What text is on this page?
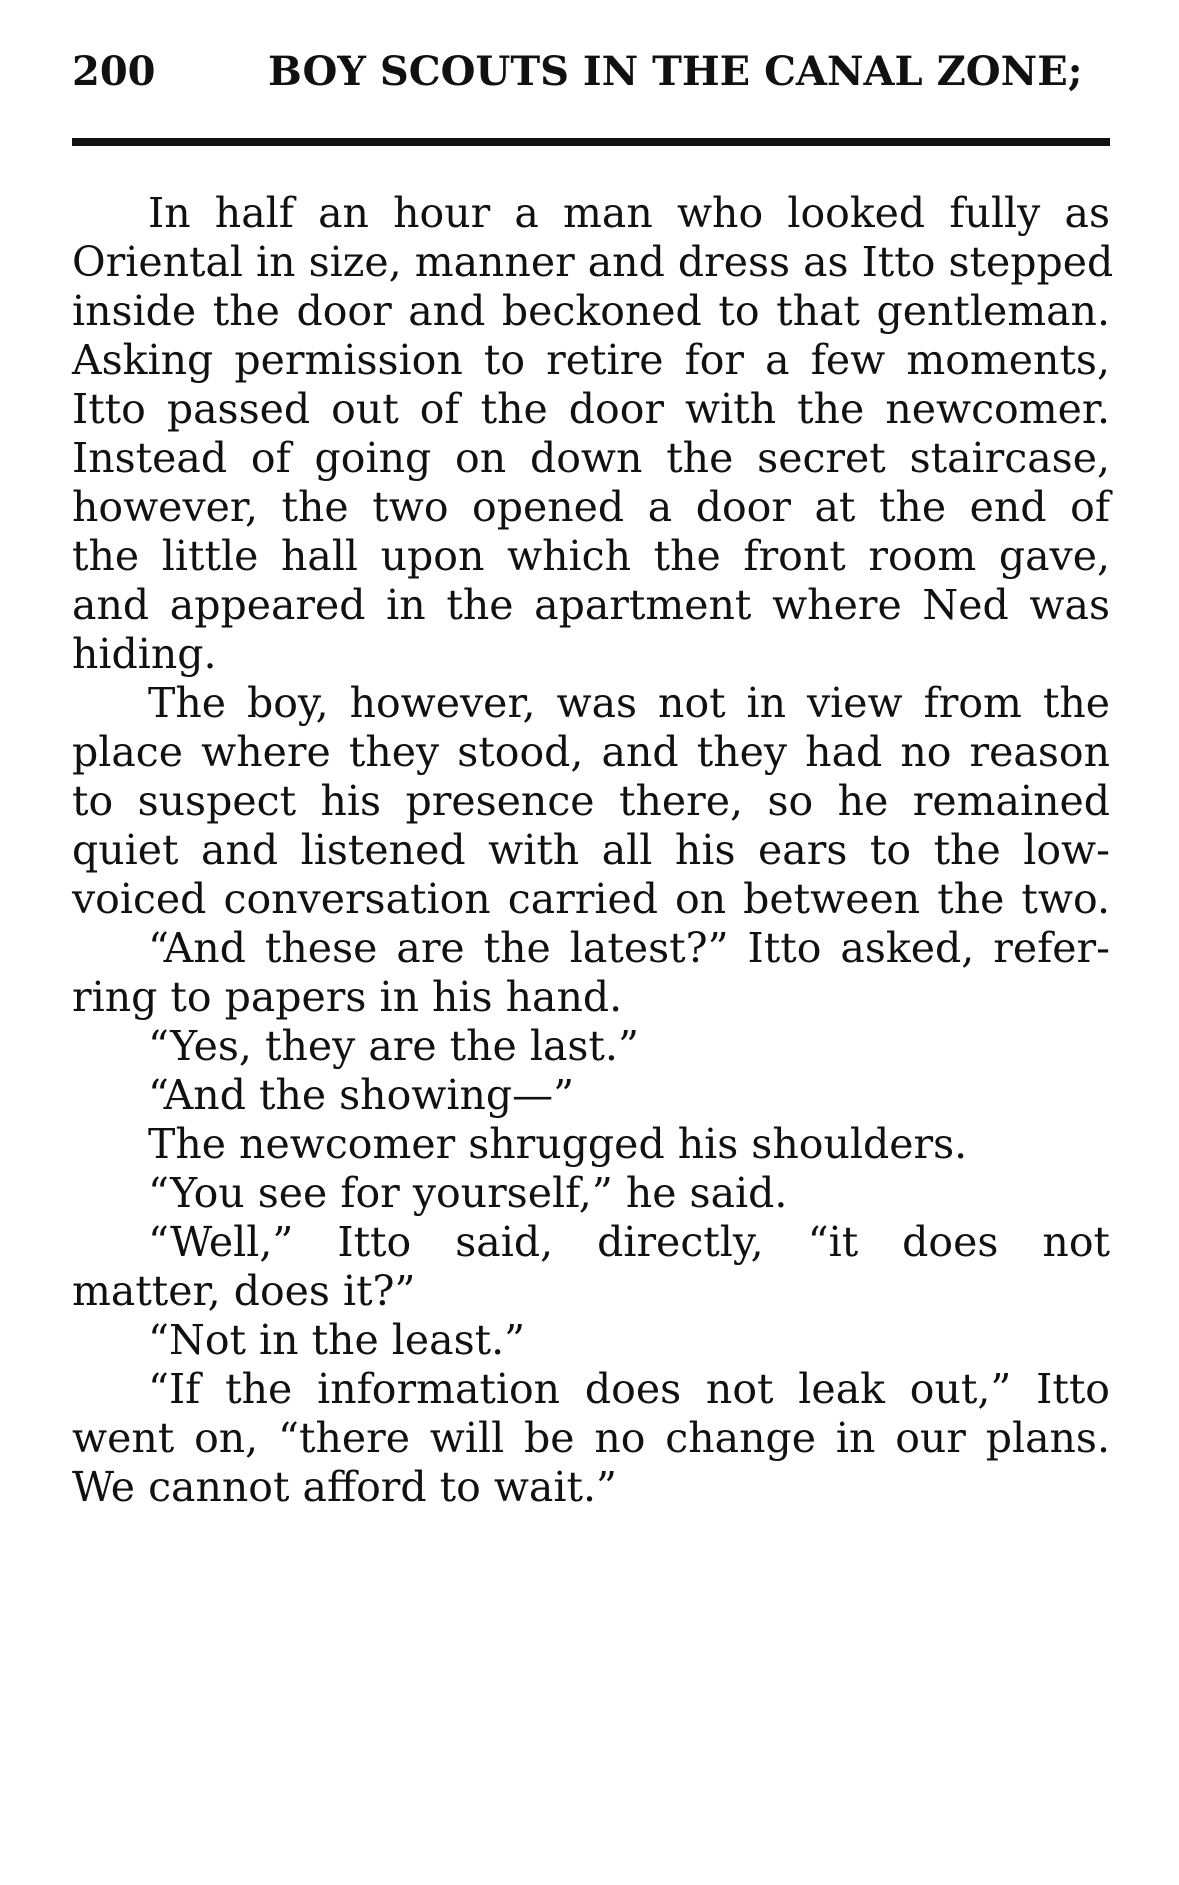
200	BOY SCOUTS IN THE CANAL ZONE;
In half an hour a man who looked fully as
Oriental in size, manner and dress as Itto stepped
inside the door and beckoned to that gentleman.
Asking permission to retire for a few moments,
Itto passed out of the door with the newcomer.
Instead of going on down the secret staircase,
however, the two opened a door at the end of
the little hall upon which the front room gave,
and appeared in the apartment where Ned was
hiding.
The boy, however, was not in view from the
place where they stood, and they had no reason
to suspect his presence there, so he remained
quiet and listened with all his ears to the low-
voiced conversation carried on between the two.
“And these are the latest?” Itto asked, refer-
ring to papers in his hand.
“Yes, they are the last.”
“And the showing—”
The newcomer shrugged his shoulders.
“You see for yourself,” he said.
“Well,” Itto said, directly, “it does not
matter, does it?”
“Not in the least.”
“If the information does not leak out,” Itto
went on, “there will be no change in our plans.
We cannot afford to wait.”
